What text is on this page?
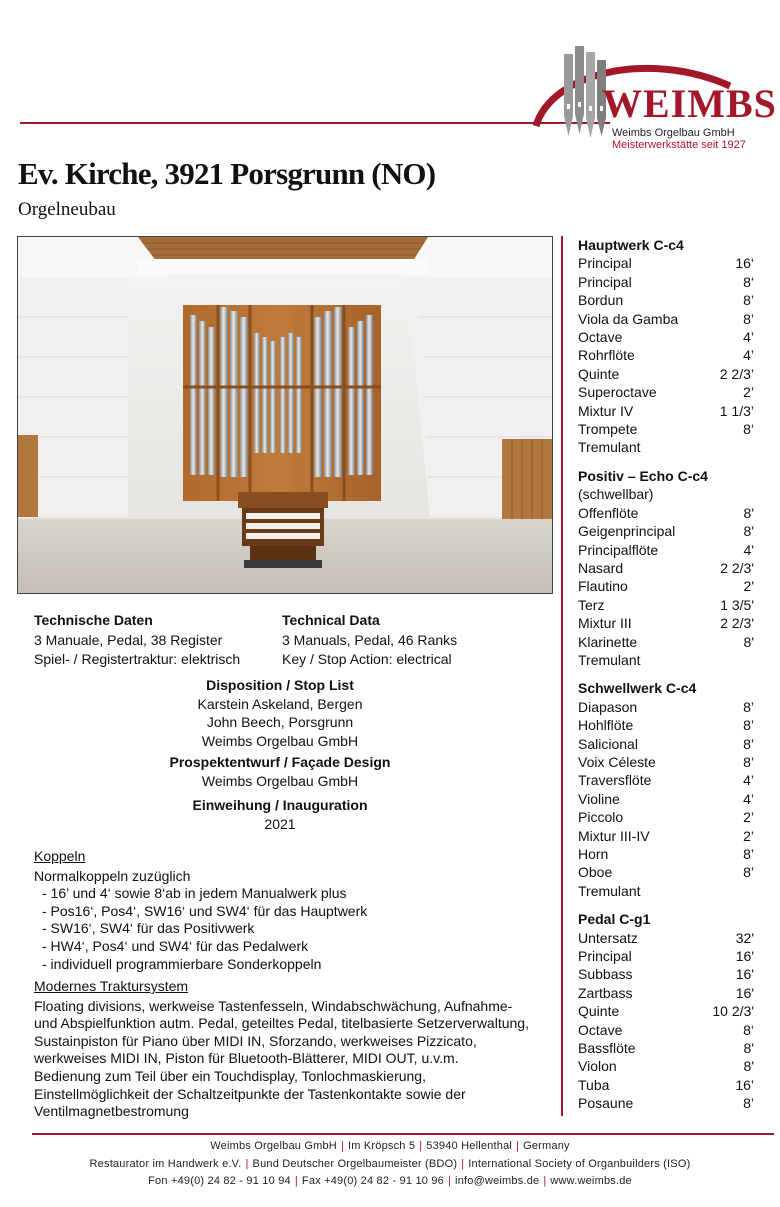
WEIMBS
Weimbs Orgelbau GmbH
Meisterwerkstätte seit 1927
Ev. Kirche, 3921 Porsgrunn (NO)
Orgelneubau
Hauptwerk C-c4
Principal	16‘
Principal	8‘
Bordun	8’
Viola da Gamba	8’
Octave	4’
Rohrflöte	4’
Quinte	2 2/3’
Superoctave	2’
Mixtur IV	1 1/3’
Trompete	8‘
Tremulant
Positiv – Echo C-c4
(schwellbar)
Offenflöte	8'
Geigenprincipal	8'
Principalflöte	4'
Nasard	2 2/3'
Flautino	2'
Terz	1 3/5'
Mixtur III	2 2/3'
Klarinette	8'
Tremulant
Schwellwerk C-c4
Diapason	8’
Hohlflöte	8’
Salicional	8’
Voix Céleste	8’
Traversflöte	4’
Violine	4’
Piccolo	2’
Mixtur III-IV	2’
Horn	8’
Oboe	8’
Tremulant
Pedal C-g1
Untersatz	32'
Principal	16'
Subbass	16'
Zartbass	16'
Quinte	10 2/3'
Octave	8‘
Bassflöte	8'
Violon	8'
Tuba	16’
Posaune	8’
Technische Daten
3 Manuale, Pedal, 38 Register
Spiel- / Registertraktur: elektrisch
Technical Data
3 Manuals, Pedal, 46 Ranks
Key / Stop Action: electrical
Disposition / Stop List
Karstein Askeland, Bergen
John Beech, Porsgrunn
Weimbs Orgelbau GmbH
Prospektentwurf / Façade Design
Weimbs Orgelbau GmbH
Einweihung / Inauguration
2021
Koppeln
Normalkoppeln zuzüglich
- 16’ und 4‘ sowie 8‘ab in jedem Manualwerk plus
- Pos16‘, Pos4‘, SW16‘ und SW4‘ für das Hauptwerk
- SW16‘, SW4‘ für das Positivwerk
- HW4‘, Pos4‘ und SW4‘ für das Pedalwerk
- individuell programmierbare Sonderkoppeln
Modernes Traktursystem
Floating divisions, werkweise Tastenfesseln, Windabschwächung, Aufnahme-
und Abspielfunktion autm. Pedal, geteiltes Pedal, titelbasierte Setzerverwaltung,
Sustainpiston für Piano über MIDI IN, Sforzando, werkweises Pizzicato,
werkweises MIDI IN, Piston für Bluetooth-Blätterer, MIDI OUT, u.v.m.
Bedienung zum Teil über ein Touchdisplay, Tonlochmaskierung,
Einstellmöglichkeit der Schaltzeitpunkte der Tastenkontakte sowie der
Ventilmagnetbestromung
Weimbs Orgelbau GmbH | Im Kröpsch 5 | 53940 Hellenthal | Germany
Restaurator im Handwerk e.V. | Bund Deutscher Orgelbaumeister (BDO) | International Society of Organbuilders (ISO)
Fon +49(0) 24 82 - 91 10 94 | Fax +49(0) 24 82 - 91 10 96 | info@weimbs.de | www.weimbs.de
